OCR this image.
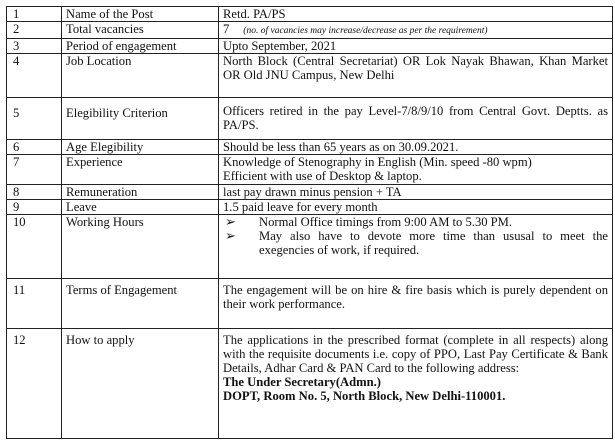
1	Name of the Post	Retd. PA/PS
2	Total vacancies	7 (no. of vacancies may increase/decrease as per the requirement)
3	Period of engagement	Upto September, 2021
4	Job Location	North Block (Central Secretariat) OR Lok Nayak Bhawan, Khan Market OR Old JNU Campus, New Delhi
5	Elegibility Criterion	Officers retired in the pay Level-7/8/9/10 from Central Govt. Deptts. as PA/PS.
6	Age Elegibility	Should be less than 65 years as on 30.09.2021.
7	Experience	Knowledge of Stenography in English (Min. speed -80 wpm)
Efficient with use of Desktop & laptop.

8	Remuneration	last pay drawn minus pension + TA
9	Leave	1.5 paid leave for every month
10	Working Hours	➢ Normal Office timings from 9:00 AM to 5.30 PM.
➢ May also have to devote more time than ususal to meet the exegencies of work, if required.

11	Terms of Engagement	The engagement will be on hire & fire basis which is purely dependent on their work performance.
12	How to apply	The applications in the prescribed format (complete in all respects) along with the requisite documents i.e. copy of PPO, Last Pay Certificate & Bank Details, Adhar Card & PAN Card to the following address:
The Under Secretary(Admn.)
DOPT, Room No. 5, North Block, New Delhi-110001.
